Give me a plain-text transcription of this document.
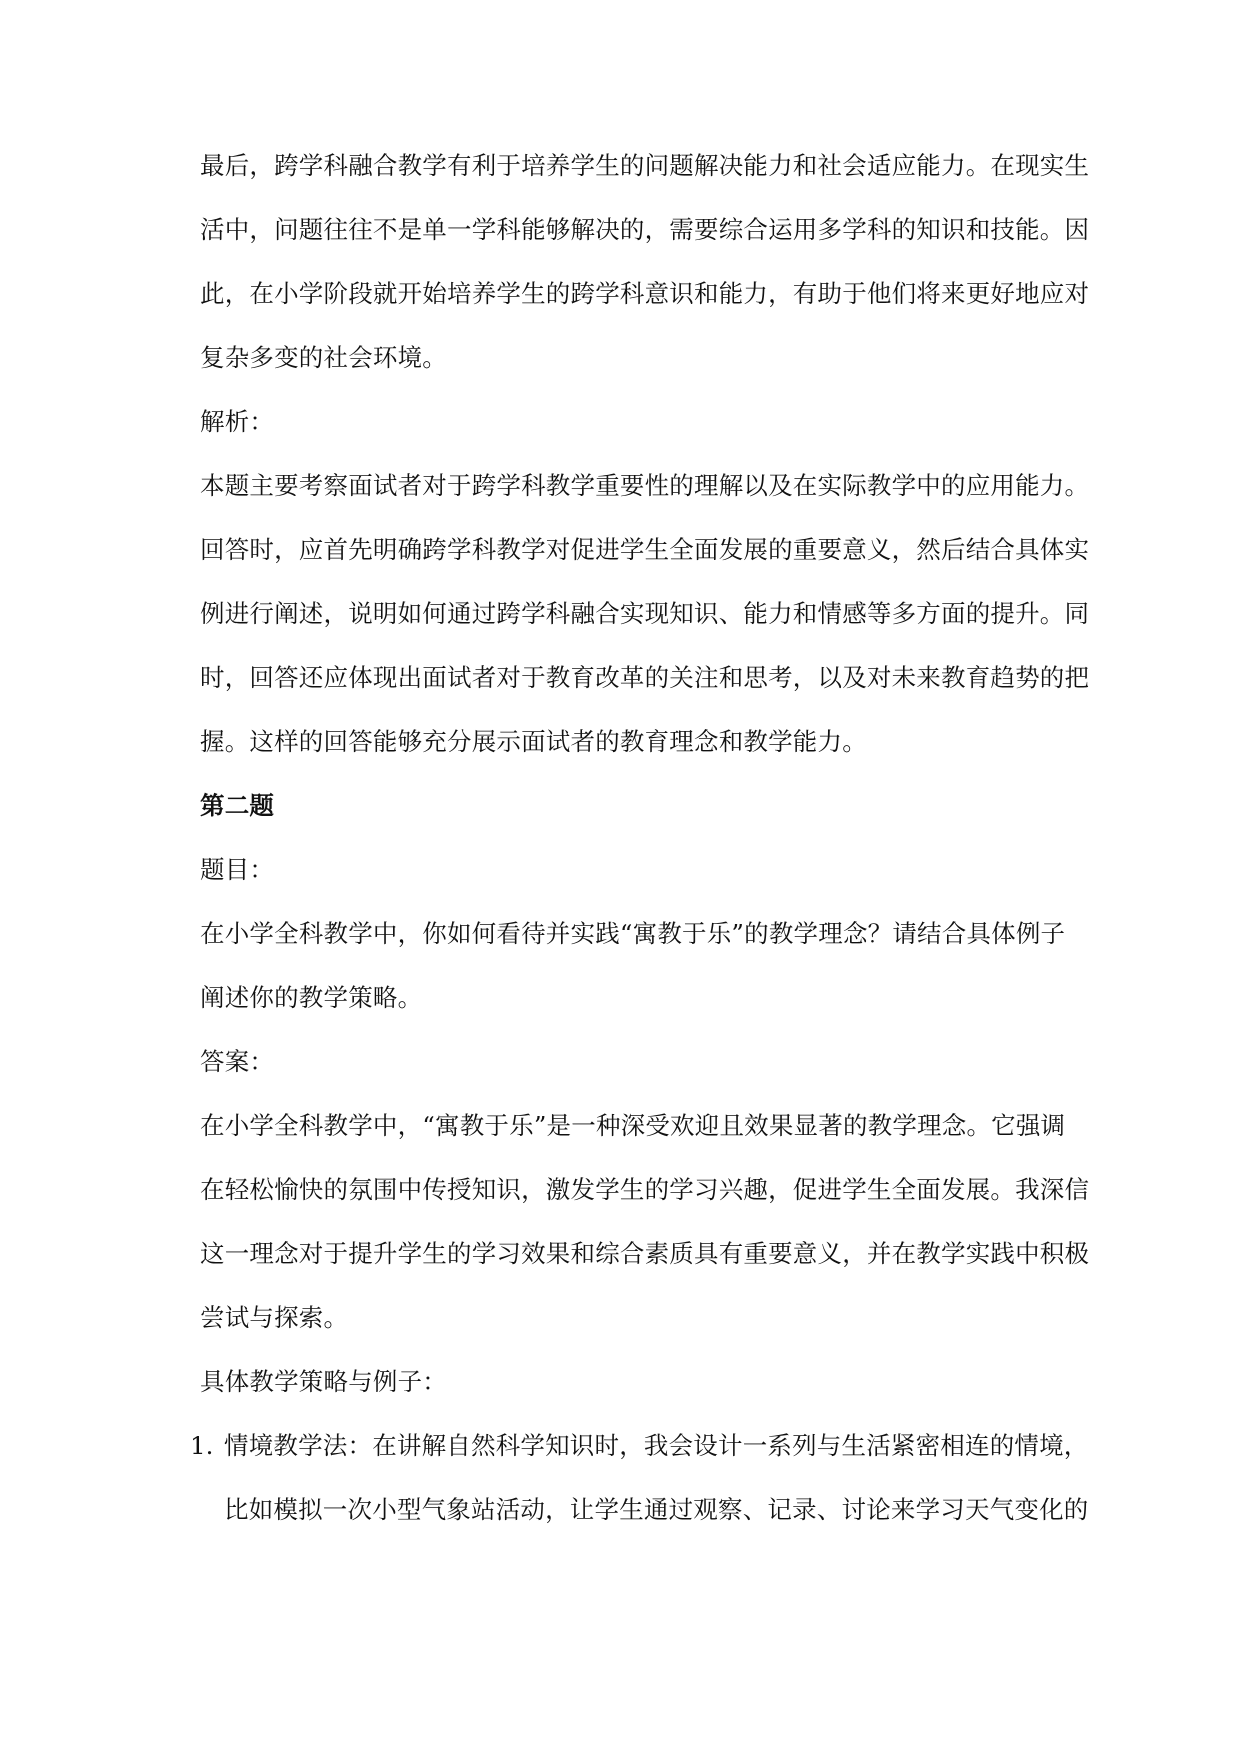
最后，跨学科融合教学有利于培养学生的问题解决能力和社会适应能力。在现实生
活中，问题往往不是单一学科能够解决的，需要综合运用多学科的知识和技能。因
此，在小学阶段就开始培养学生的跨学科意识和能力，有助于他们将来更好地应对
复杂多变的社会环境。
解析：
本题主要考察面试者对于跨学科教学重要性的理解以及在实际教学中的应用能力。
回答时，应首先明确跨学科教学对促进学生全面发展的重要意义，然后结合具体实
例进行阐述，说明如何通过跨学科融合实现知识、能力和情感等多方面的提升。同
时，回答还应体现出面试者对于教育改革的关注和思考，以及对未来教育趋势的把
握。这样的回答能够充分展示面试者的教育理念和教学能力。
第二题
题目：
在小学全科教学中，你如何看待并实践“寓教于乐”的教学理念？请结合具体例子
阐述你的教学策略。
答案：
在小学全科教学中，“寓教于乐”是一种深受欢迎且效果显著的教学理念。它强调
在轻松愉快的氛围中传授知识，激发学生的学习兴趣，促进学生全面发展。我深信
这一理念对于提升学生的学习效果和综合素质具有重要意义，并在教学实践中积极
尝试与探索。
具体教学策略与例子：
1. 情境教学法：在讲解自然科学知识时，我会设计一系列与生活紧密相连的情境，
比如模拟一次小型气象站活动，让学生通过观察、记录、讨论来学习天气变化的
